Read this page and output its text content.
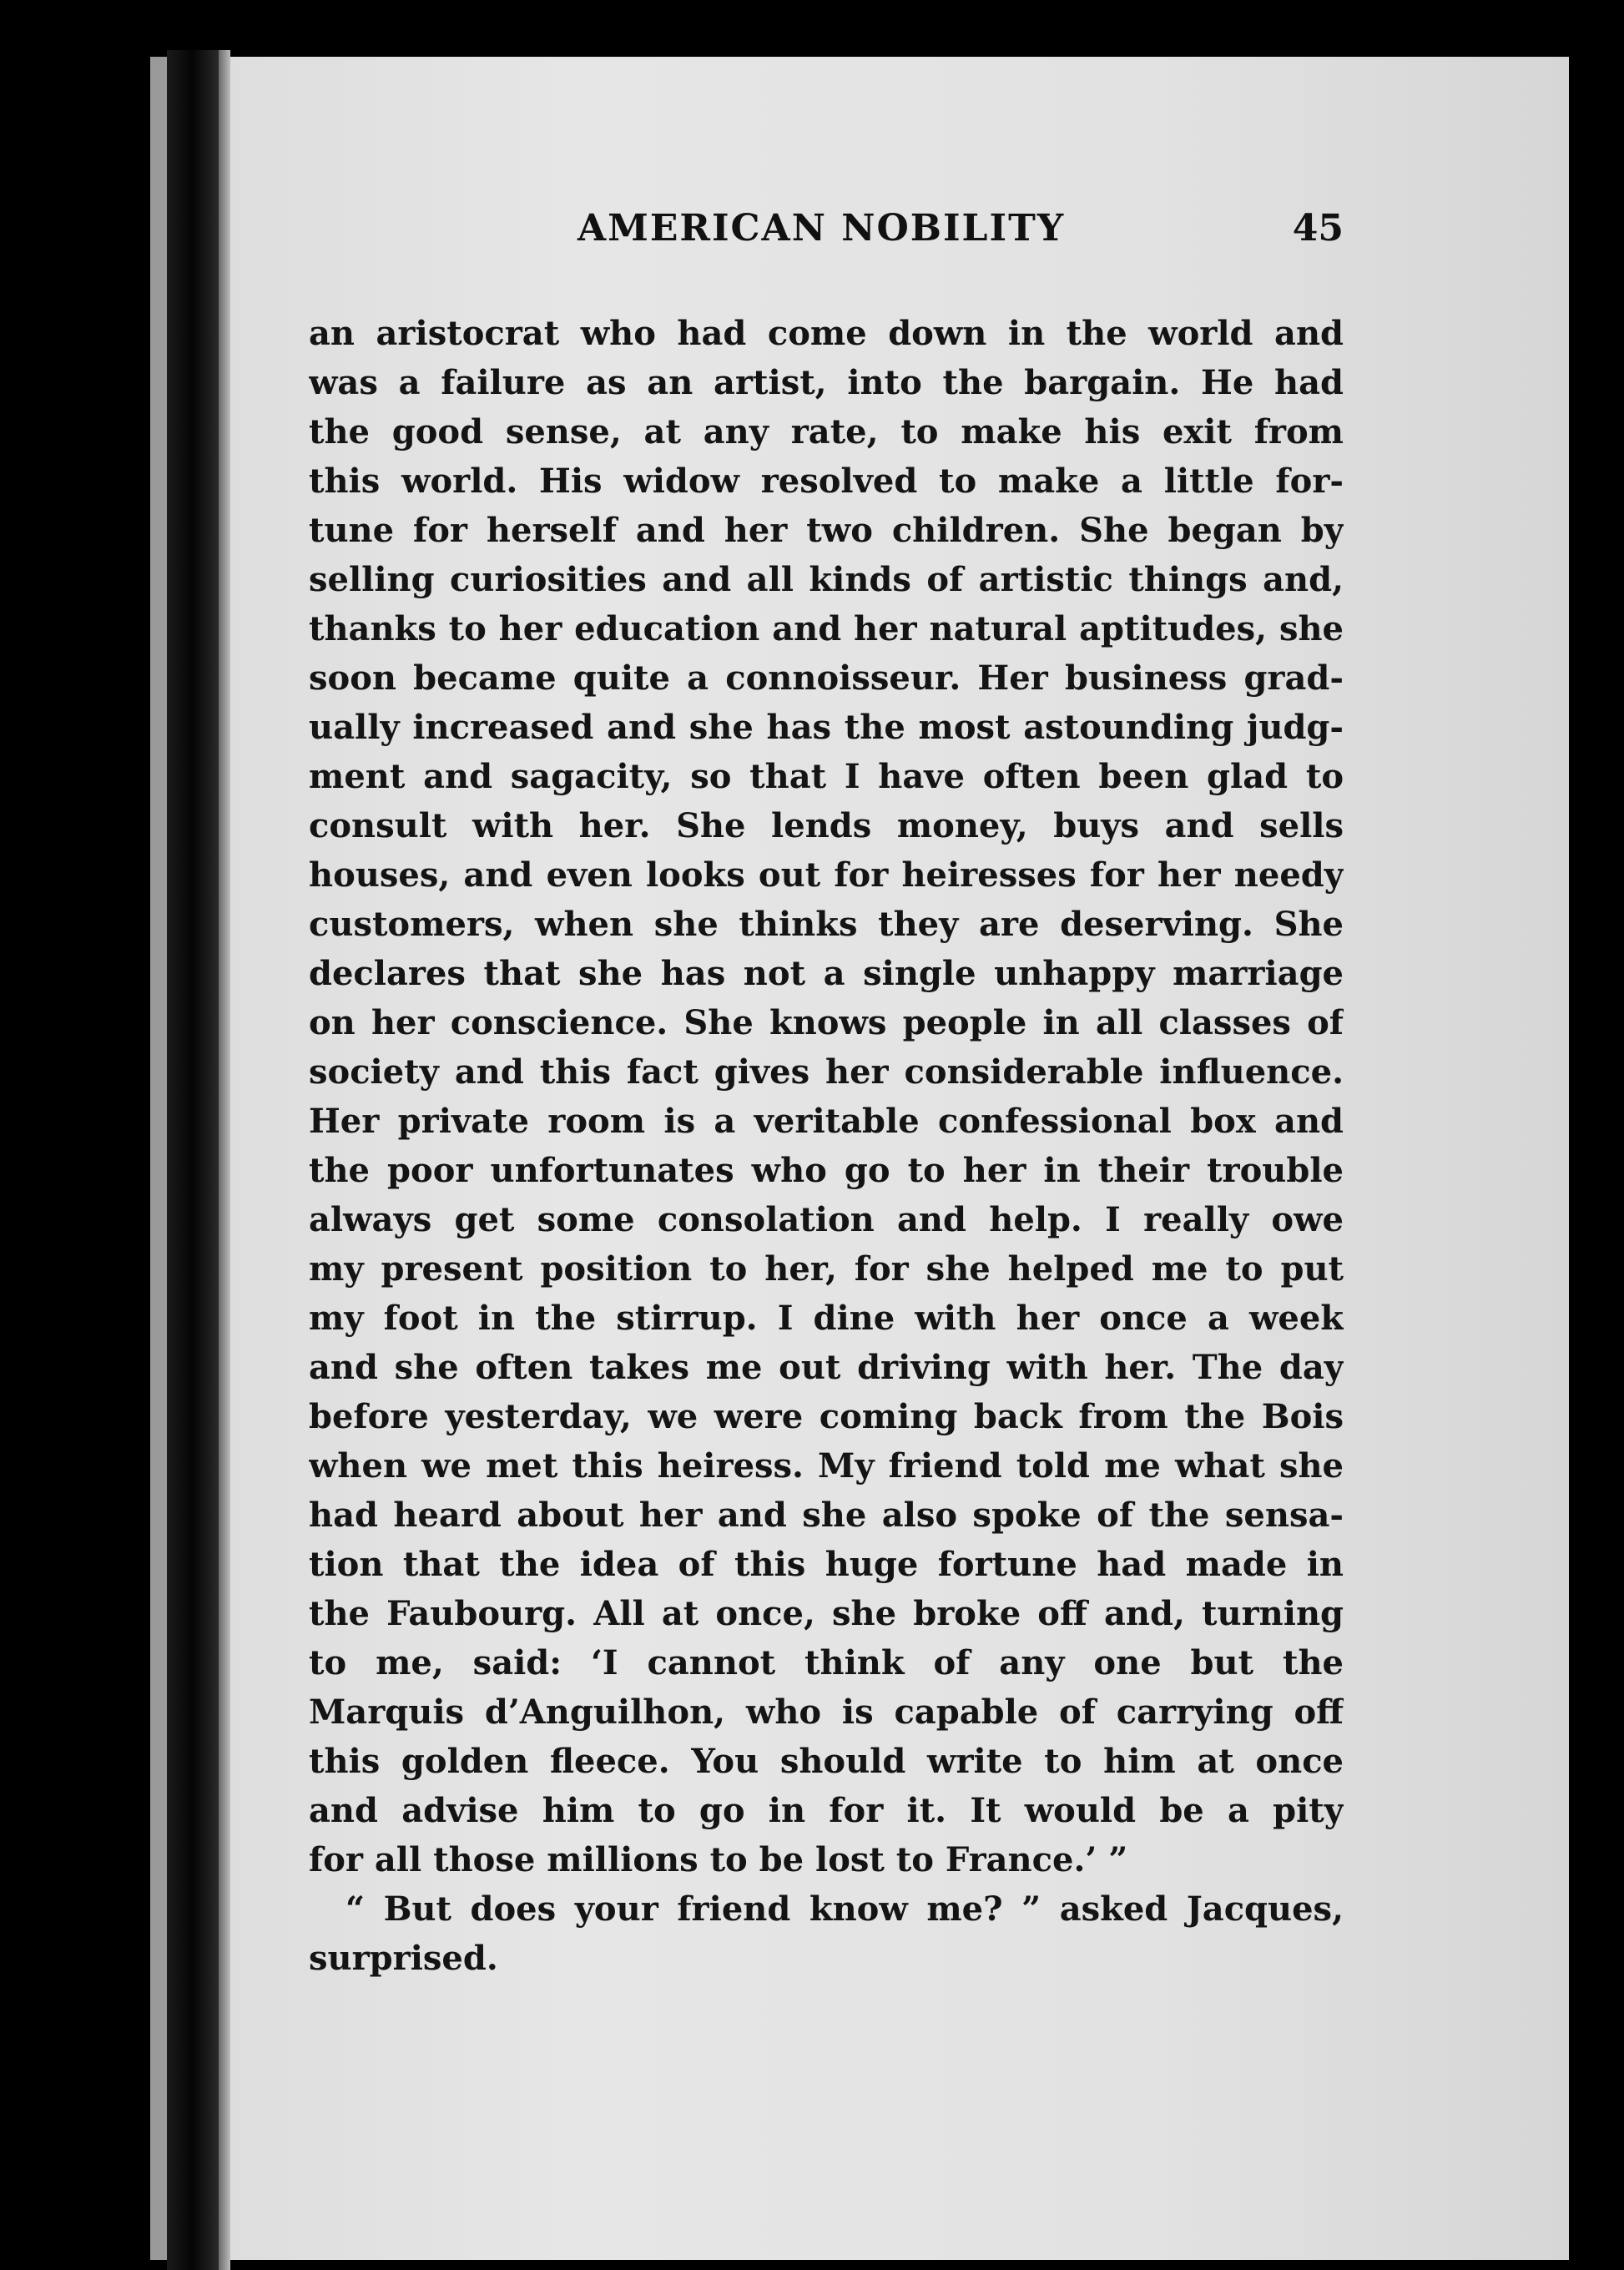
AMERICAN NOBILITY	45
an aristocrat who had come down in the world and
was a failure as an artist, into the bargain. He had
the good sense, at any rate, to make his exit from
this world. His widow resolved to make a little for-
tune for herself and her two children. She began by
selling curiosities and all kinds of artistic things and,
thanks to her education and her natural aptitudes, she
soon became quite a connoisseur. Her business grad-
ually increased and she has the most astounding judg-
ment and sagacity, so that I have often been glad to
consult with her. She lends money, buys and sells
houses, and even looks out for heiresses for her needy
customers, when she thinks they are deserving. She
declares that she has not a single unhappy marriage
on her conscience. She knows people in all classes of
society and this fact gives her considerable influence.
Her private room is a veritable confessional box and
the poor unfortunates who go to her in their trouble
always get some consolation and help. I really owe
my present position to her, for she helped me to put
my foot in the stirrup. I dine with her once a week
and she often takes me out driving with her. The day
before yesterday, we were coming back from the Bois
when we met this heiress. My friend told me what she
had heard about her and she also spoke of the sensa-
tion that the idea of this huge fortune had made in
the Faubourg. All at once, she broke off and, turning
to me, said: ‘I cannot think of any one but the
Marquis d’Anguilhon, who is capable of carrying off
this golden fleece. You should write to him at once
and advise him to go in for it. It would be a pity
for all those millions to be lost to France.’ ”
“ But does your friend know me? ” asked Jacques,
surprised.
